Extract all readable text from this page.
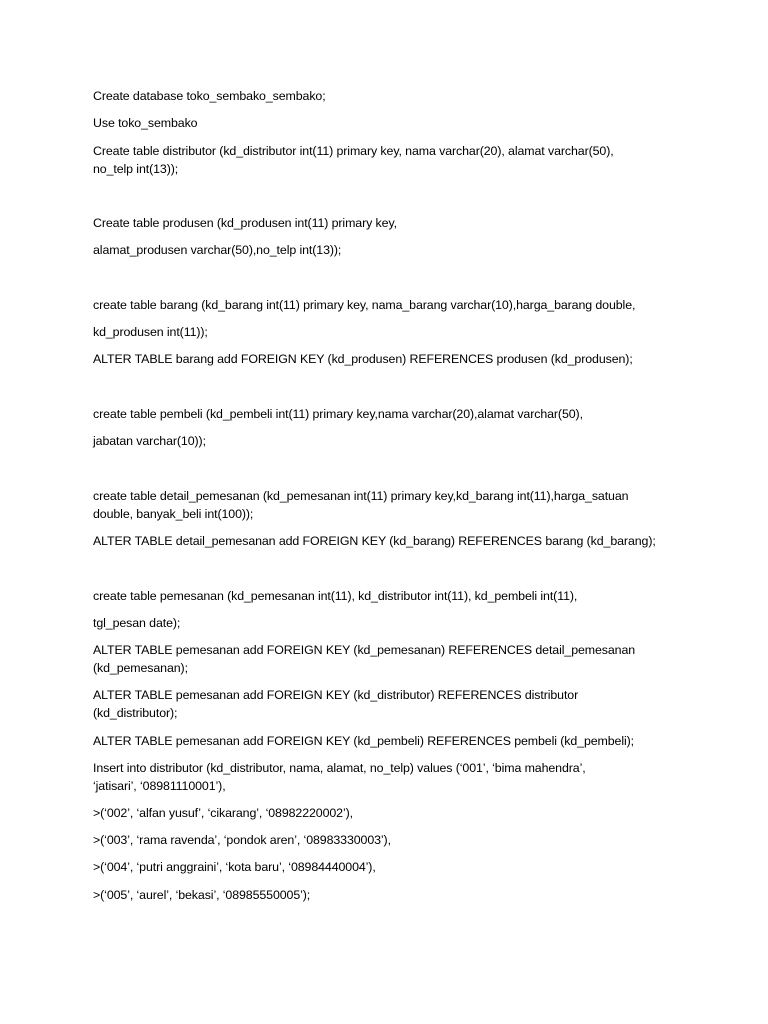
Create database toko_sembako_sembako;
Use toko_sembako
Create table distributor (kd_distributor int(11) primary key, nama varchar(20), alamat varchar(50),
no_telp int(13));
Create table produsen (kd_produsen int(11) primary key,
alamat_produsen varchar(50),no_telp int(13));
create table barang (kd_barang int(11) primary key, nama_barang varchar(10),harga_barang double,
kd_produsen int(11));
ALTER TABLE barang add FOREIGN KEY (kd_produsen) REFERENCES produsen (kd_produsen);
create table pembeli (kd_pembeli int(11) primary key,nama varchar(20),alamat varchar(50),
jabatan varchar(10));
create table detail_pemesanan (kd_pemesanan int(11) primary key,kd_barang int(11),harga_satuan
double, banyak_beli int(100));
ALTER TABLE detail_pemesanan add FOREIGN KEY (kd_barang) REFERENCES barang (kd_barang);
create table pemesanan (kd_pemesanan int(11), kd_distributor int(11), kd_pembeli int(11),
tgl_pesan date);
ALTER TABLE pemesanan add FOREIGN KEY (kd_pemesanan) REFERENCES detail_pemesanan
(kd_pemesanan);
ALTER TABLE pemesanan add FOREIGN KEY (kd_distributor) REFERENCES distributor
(kd_distributor);
ALTER TABLE pemesanan add FOREIGN KEY (kd_pembeli) REFERENCES pembeli (kd_pembeli);
Insert into distributor (kd_distributor, nama, alamat, no_telp) values (‘001’, ‘bima mahendra’,
‘jatisari’, ‘08981110001’),
>(‘002’, ‘alfan yusuf’, ‘cikarang’, ‘08982220002’),
>(‘003’, ‘rama ravenda’, ‘pondok aren’, ‘08983330003’),
>(‘004’, ‘putri anggraini’, ‘kota baru’, ‘08984440004’),
>(‘005’, ‘aurel’, ‘bekasi’, ‘08985550005’);
